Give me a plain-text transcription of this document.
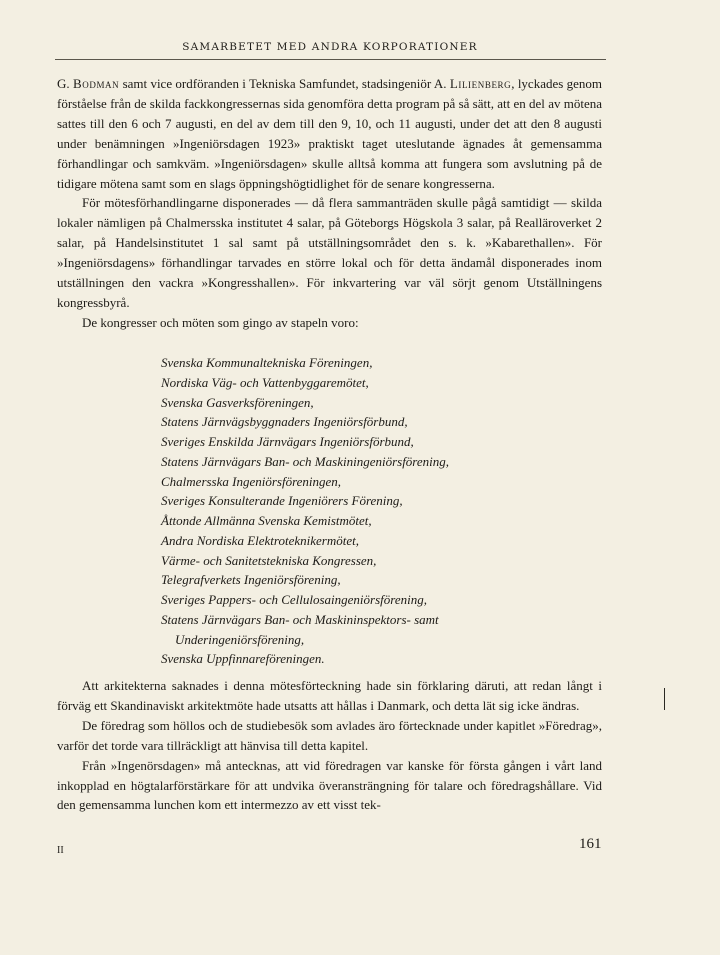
SAMARBETET MED ANDRA KORPORATIONER

G. Bodman samt vice ordföranden i Tekniska Samfundet, stadsingeniör A. Lilienberg, lyckades genom förståelse från de skilda fackkongressernas sida genomföra detta program på så sätt, att en del av mötena sattes till den 6 och 7 augusti, en del av dem till den 9, 10, och 11 augusti, under det att den 8 augusti under benämningen »Ingeniörsdagen 1923» praktiskt taget uteslutande ägnades åt gemensamma förhandlingar och samkväm. »Ingeniörsdagen» skulle alltså komma att fungera som avslutning på de tidigare mötena samt som en slags öppningshögtidlighet för de senare kongresserna.

För mötesförhandlingarne disponerades — då flera sammanträden skulle pågå samtidigt — skilda lokaler nämligen på Chalmersska institutet 4 salar, på Göteborgs Högskola 3 salar, på Realläroverket 2 salar, på Handelsinstitutet 1 sal samt på utställningsområdet den s. k. »Kabarethallen». För »Ingeniörsdagens» förhandlingar tarvades en större lokal och för detta ändamål disponerades inom utställningen den vackra »Kongresshallen». För inkvartering var väl sörjt genom Utställningens kongressbyrå.

De kongresser och möten som gingo av stapeln voro:

Svenska Kommunaltekniska Föreningen,
Nordiska Väg- och Vattenbyggaremötet,
Svenska Gasverksföreningen,
Statens Järnvägsbyggnaders Ingeniörsförbund,
Sveriges Enskilda Järnvägars Ingeniörsförbund,
Statens Järnvägars Ban- och Maskiningeniörsförening,
Chalmersska Ingeniörsföreningen,
Sveriges Konsulterande Ingeniörers Förening,
Åttonde Allmänna Svenska Kemistmötet,
Andra Nordiska Elektroteknikermötet,
Värme- och Sanitetstekniska Kongressen,
Telegrafverkets Ingeniörsförening,
Sveriges Pappers- och Cellulosaingeniörsförening,
Statens Järnvägars Ban- och Maskininspektors- samt
Underingeniörsförening,
Svenska Uppfinnareföreningen.

Att arkitekterna saknades i denna mötesförteckning hade sin förklaring däruti, att redan långt i förväg ett Skandinaviskt arkitektmöte hade utsatts att hållas i Danmark, och detta lät sig icke ändras.

De föredrag som höllos och de studiebesök som avlades äro förtecknade under kapitlet »Föredrag», varför det torde vara tillräckligt att hänvisa till detta kapitel.

Från »Ingenörsdagen» må antecknas, att vid föredragen var kanske för första gången i vårt land inkopplad en högtalarförstärkare för att undvika överansträngning för talare och föredragshållare. Vid den gemensamma lunchen kom ett intermezzo av ett visst tek-

II	161
